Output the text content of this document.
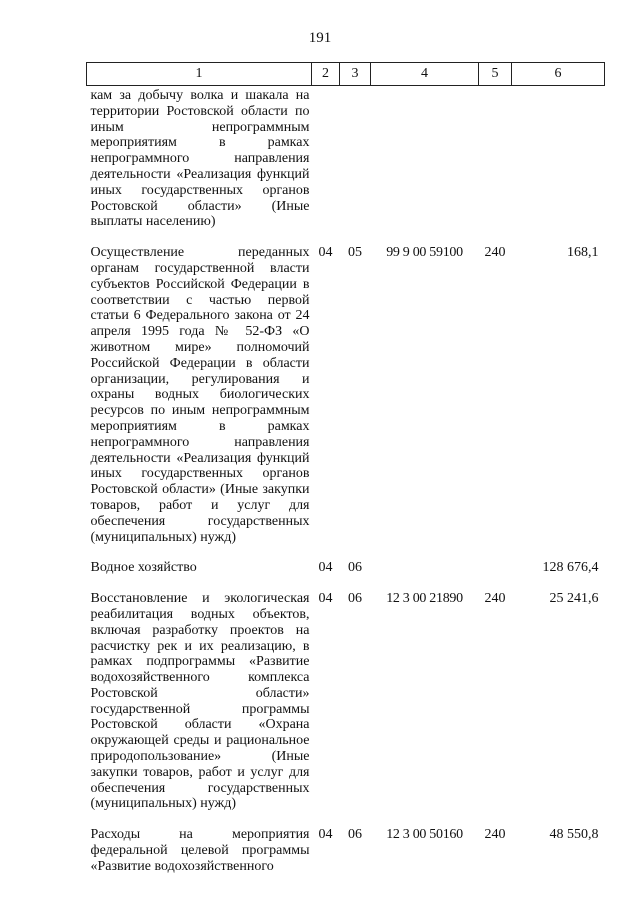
191
1	2	3	4	5	6
кам за добычу волка и шакала на территории Ростовской области по иным непрограммным мероприятиям в рамках непрограммного направления деятельности «Реализация функций иных государственных органов Ростовской области» (Иные выплаты населению)					
Осуществление переданных органам государственной власти субъектов Российской Федерации в соответствии с частью первой статьи 6 Федерального закона от 24 апреля 1995 года № 52-ФЗ «О животном мире» полномочий Российской Федерации в области организации, регулирования и охраны водных биологических ресурсов по иным непрограммным мероприятиям в рамках непрограммного направления деятельности «Реализация функций иных государственных органов Ростовской области» (Иные закупки товаров, работ и услуг для обеспечения государственных (муниципальных) нужд)	04	05	99 9 00 59100	240	168,1
Водное хозяйство	04	06			128 676,4
Восстановление и экологическая реабилитация водных объектов, включая разработку проектов на расчистку рек и их реализацию, в рамках подпрограммы «Развитие водохозяйственного комплекса Ростовской области» государственной программы Ростовской области «Охрана окружающей среды и рациональное природопользование» (Иные закупки товаров, работ и услуг для обеспечения государственных (муниципальных) нужд)	04	06	12 3 00 21890	240	25 241,6
Расходы на мероприятия федеральной целевой программы «Развитие водохозяйственного	04	06	12 3 00 50160	240	48 550,8
